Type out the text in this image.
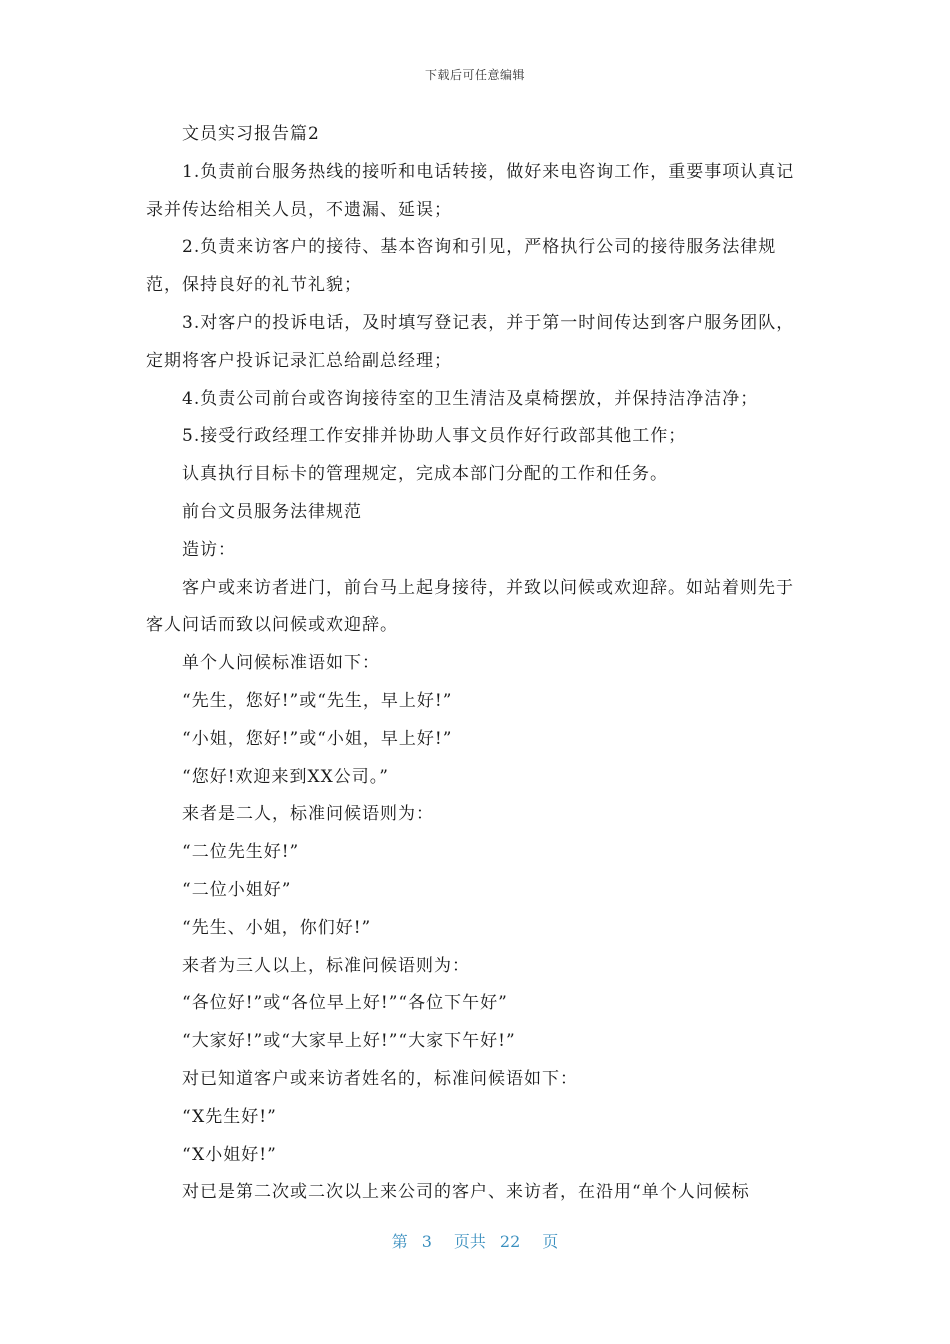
下载后可任意编辑

文员实习报告篇2

1.负责前台服务热线的接听和电话转接，做好来电咨询工作，重要事项认真记录并传达给相关人员，不遗漏、延误；

2.负责来访客户的接待、基本咨询和引见，严格执行公司的接待服务法律规范，保持良好的礼节礼貌；

3.对客户的投诉电话，及时填写登记表，并于第一时间传达到客户服务团队，定期将客户投诉记录汇总给副总经理；

4.负责公司前台或咨询接待室的卫生清洁及桌椅摆放，并保持洁净洁净；

5.接受行政经理工作安排并协助人事文员作好行政部其他工作；

认真执行目标卡的管理规定，完成本部门分配的工作和任务。

前台文员服务法律规范

造访：

客户或来访者进门，前台马上起身接待，并致以问候或欢迎辞。如站着则先于客人问话而致以问候或欢迎辞。

单个人问候标准语如下：

“先生，您好!”或“先生，早上好!”

“小姐，您好!”或“小姐，早上好!”

“您好!欢迎来到XX公司。”

来者是二人，标准问候语则为：

“二位先生好!”

“二位小姐好”

“先生、小姐，你们好!”

来者为三人以上，标准问候语则为：

“各位好!”或“各位早上好!”“各位下午好”

“大家好!”或“大家早上好!”“大家下午好!”

对已知道客户或来访者姓名的，标准问候语如下：

“X先生好!”

“X小姐好!”

对已是第二次或二次以上来公司的客户、来访者，在沿用“单个人问候标

第 3 页共 22 页
